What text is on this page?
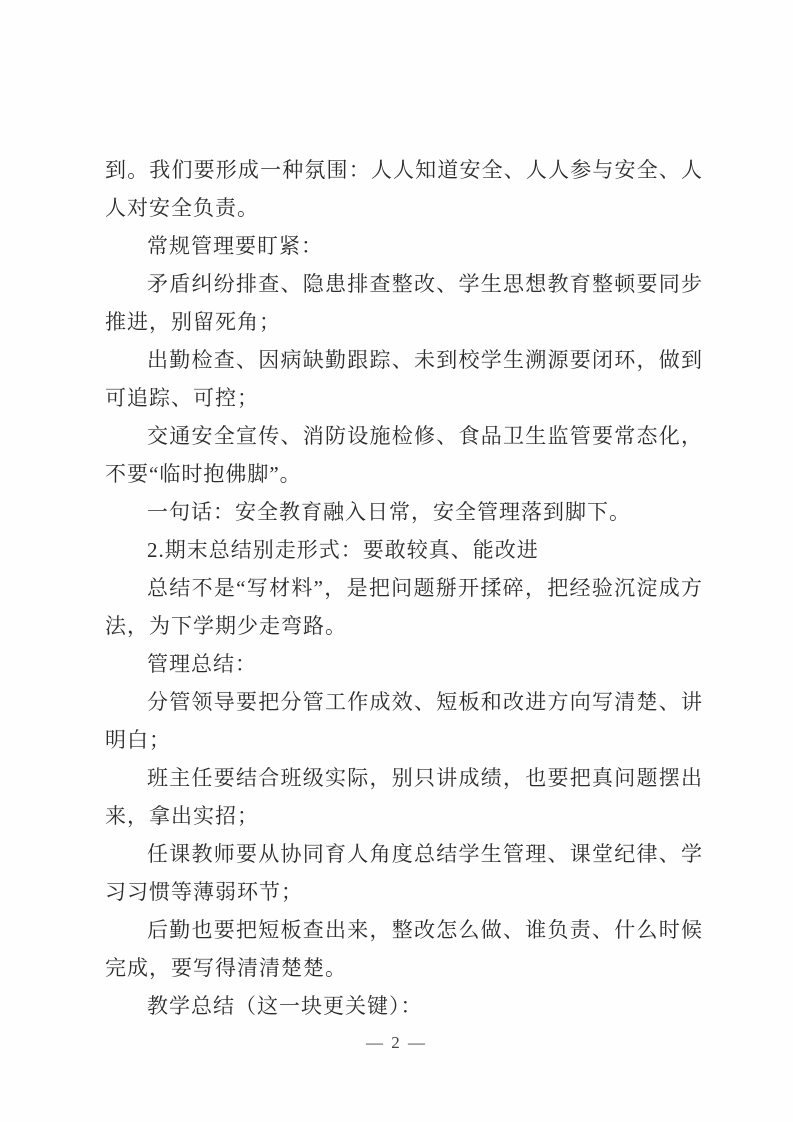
到。我们要形成一种氛围：人人知道安全、人人参与安全、人人对安全负责。

常规管理要盯紧：

矛盾纠纷排查、隐患排查整改、学生思想教育整顿要同步推进，别留死角；

出勤检查、因病缺勤跟踪、未到校学生溯源要闭环，做到可追踪、可控；

交通安全宣传、消防设施检修、食品卫生监管要常态化，不要“临时抱佛脚”。

一句话：安全教育融入日常，安全管理落到脚下。

2.期末总结别走形式：要敢较真、能改进

总结不是“写材料”，是把问题掰开揉碎，把经验沉淀成方法，为下学期少走弯路。

管理总结：

分管领导要把分管工作成效、短板和改进方向写清楚、讲明白；

班主任要结合班级实际，别只讲成绩，也要把真问题摆出来，拿出实招；

任课教师要从协同育人角度总结学生管理、课堂纪律、学习习惯等薄弱环节；

后勤也要把短板查出来，整改怎么做、谁负责、什么时候完成，要写得清清楚楚。

教学总结（这一块更关键）：

— 2 —
